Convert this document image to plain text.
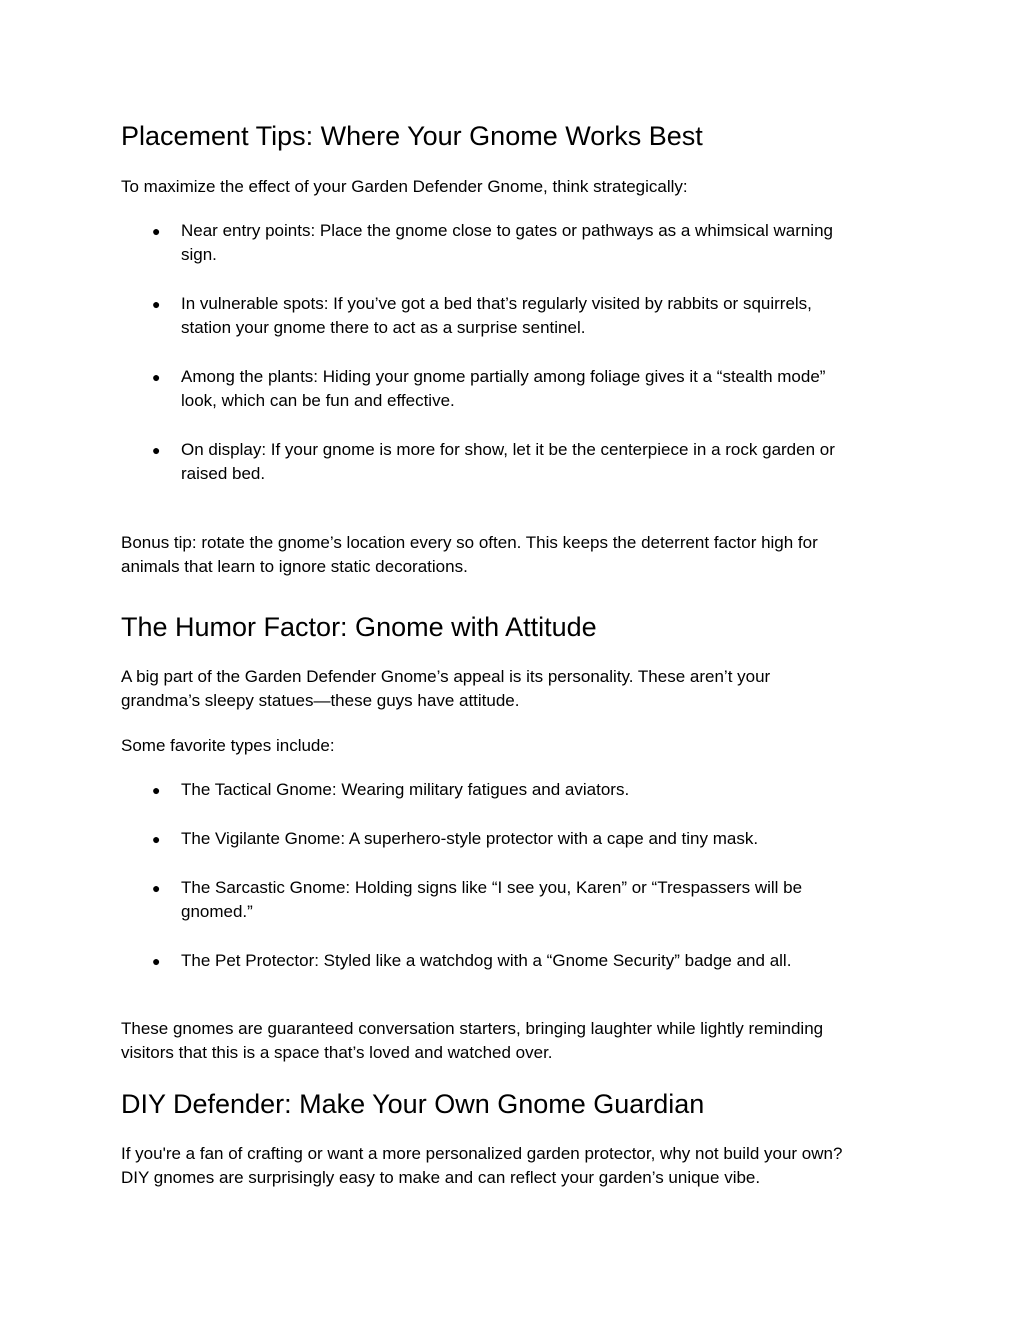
Placement Tips: Where Your Gnome Works Best

To maximize the effect of your Garden Defender Gnome, think strategically:

● Near entry points: Place the gnome close to gates or pathways as a whimsical warning

sign.

● In vulnerable spots: If you’ve got a bed that’s regularly visited by rabbits or squirrels,

station your gnome there to act as a surprise sentinel.

● Among the plants: Hiding your gnome partially among foliage gives it a “stealth mode”

look, which can be fun and effective.

● On display: If your gnome is more for show, let it be the centerpiece in a rock garden or

raised bed.

Bonus tip: rotate the gnome’s location every so often. This keeps the deterrent factor high for

animals that learn to ignore static decorations.

The Humor Factor: Gnome with Attitude

A big part of the Garden Defender Gnome’s appeal is its personality. These aren’t your

grandma’s sleepy statues—these guys have attitude.

Some favorite types include:

● The Tactical Gnome: Wearing military fatigues and aviators.

● The Vigilante Gnome: A superhero-style protector with a cape and tiny mask.

● The Sarcastic Gnome: Holding signs like “I see you, Karen” or “Trespassers will be

gnomed.”

● The Pet Protector: Styled like a watchdog with a “Gnome Security” badge and all.

These gnomes are guaranteed conversation starters, bringing laughter while lightly reminding

visitors that this is a space that’s loved and watched over.

DIY Defender: Make Your Own Gnome Guardian

If you're a fan of crafting or want a more personalized garden protector, why not build your own?

DIY gnomes are surprisingly easy to make and can reflect your garden’s unique vibe.
